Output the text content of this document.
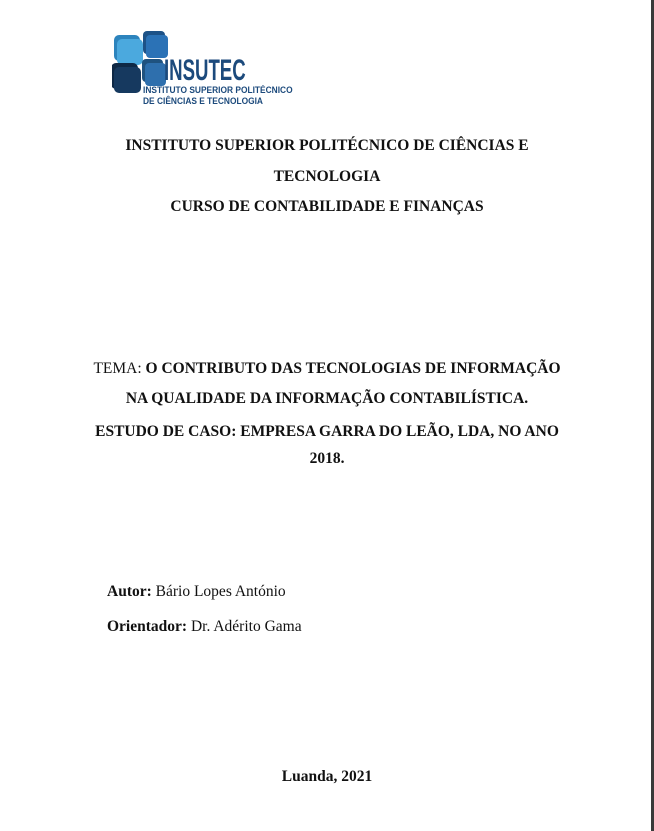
INSUTEC
INSTITUTO SUPERIOR POLITÉCNICO
DE CIÊNCIAS E TECNOLOGIA
INSTITUTO SUPERIOR POLITÉCNICO DE CIÊNCIAS E
TECNOLOGIA
CURSO DE CONTABILIDADE E FINANÇAS
TEMA: O CONTRIBUTO DAS TECNOLOGIAS DE INFORMAÇÃO
NA QUALIDADE DA INFORMAÇÃO CONTABILÍSTICA.
ESTUDO DE CASO: EMPRESA GARRA DO LEÃO, LDA, NO ANO
2018.
Autor: Bário Lopes António
Orientador: Dr. Adérito Gama
Luanda, 2021
